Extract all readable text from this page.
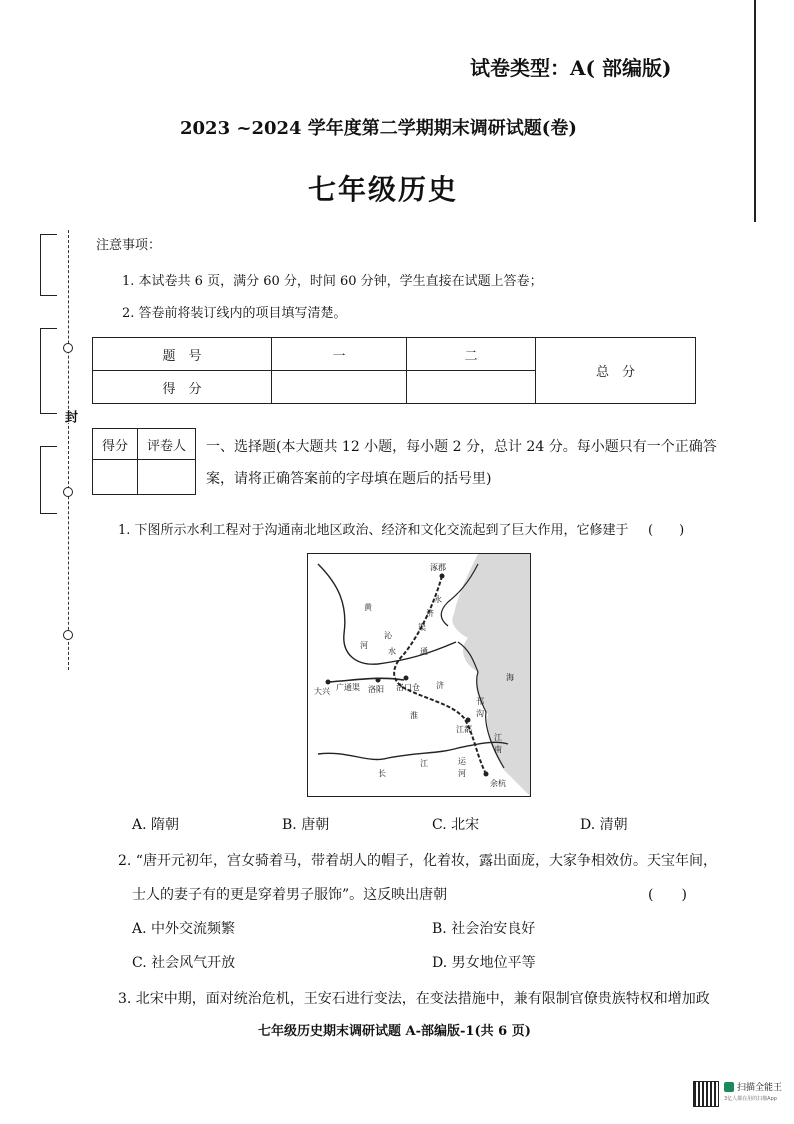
试卷类型：A( 部编版)
2023 ~2024 学年度第二学期期末调研试题(卷)
七年级历史
封
注意事项：
1. 本试卷共 6 页，满分 60 分，时间 60 分钟，学生直接在试题上答卷；
2. 答卷前将装订线内的项目填写清楚。
题　号	一	二	总　分
得　分			
得分	评卷人
	一、选择题(本大题共 12 小题，每小题 2 分，总计 24 分。每小题只有一个正确答
案，请将正确答案前的字母填在题后的括号里)
1. 下图所示水利工程对于沟通南北地区政治、经济和文化交流起到了巨大作用，它修建于 (　　)
涿郡
永
济
渠
黄
河
沁
水	通
大兴 广通渠 洛阳 洛口仓 济
淮
邗
沟
江都
江
南
运
河
余杭
长
江
海
A. 隋朝	B. 唐朝	C. 北宋	D. 清朝
2. “唐开元初年，宫女骑着马，带着胡人的帽子，化着妆，露出面庞，大家争相效仿。天宝年间，
士人的妻子有的更是穿着男子服饰”。这反映出唐朝	(　　)
A. 中外交流频繁	B. 社会治安良好
C. 社会风气开放	D. 男女地位平等
3. 北宋中期，面对统治危机，王安石进行变法，在变法措施中，兼有限制官僚贵族特权和增加政
七年级历史期末调研试题 A-部编版-1(共 6 页)
扫描全能王
3亿人都在用的扫描App
